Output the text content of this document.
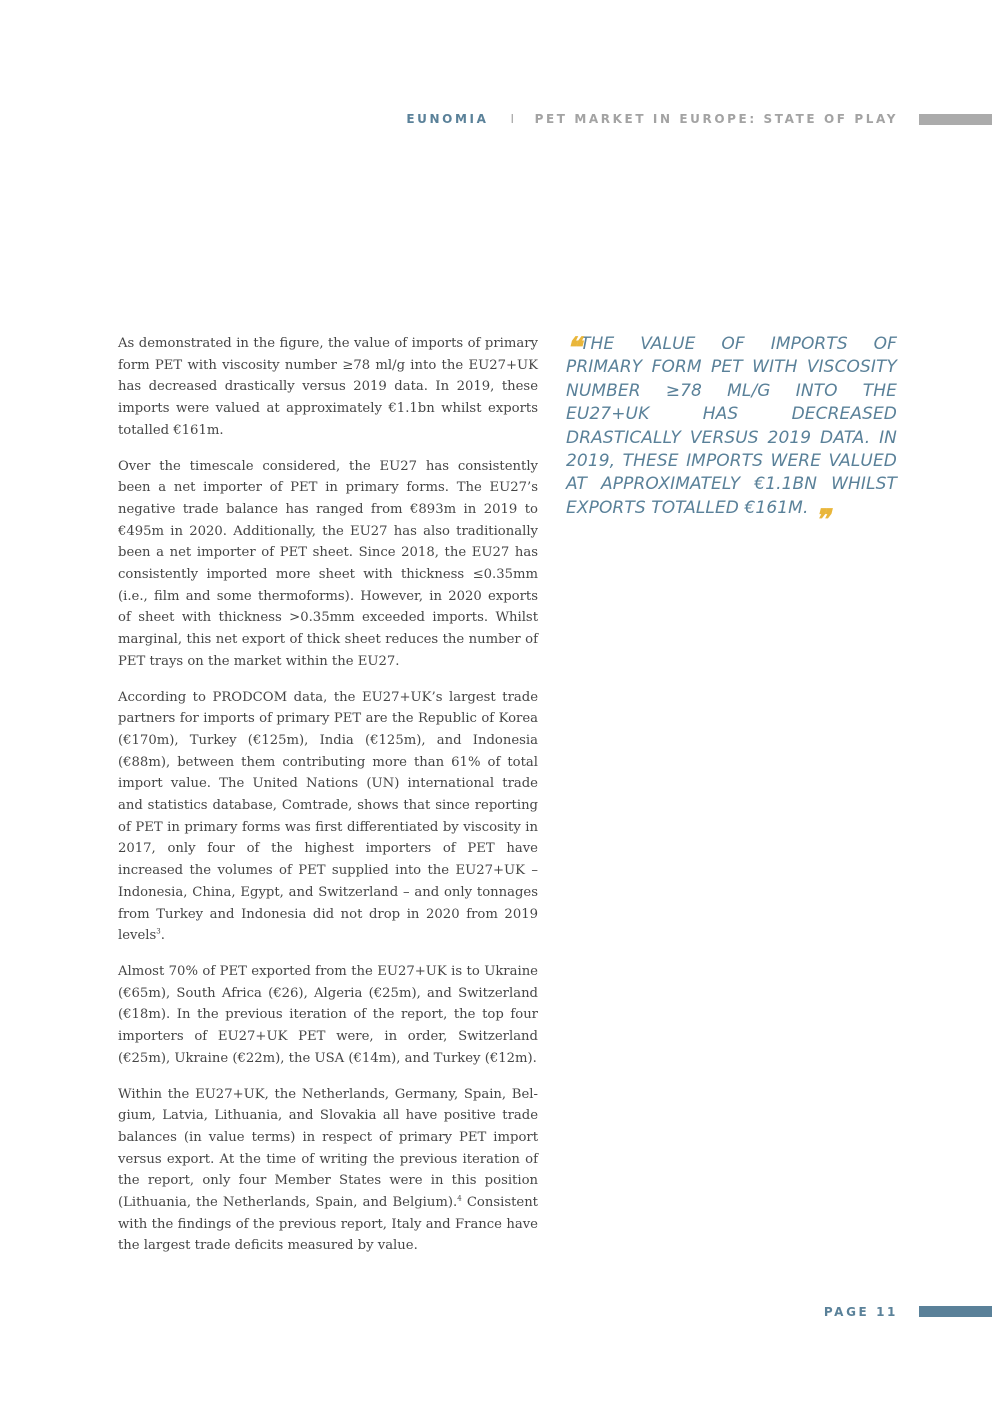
EUNOMIA I PET MARKET IN EUROPE: STATE OF PLAY

As demonstrated in the figure, the value of imports of primary form PET with viscosity number ≥78 ml/g into the EU27+UK has decreased drastically versus 2019 data. In 2019, these imports were valued at approximately €1.1bn whilst exports totalled €161m.

Over the timescale considered, the EU27 has consistently been a net importer of PET in primary forms. The EU27’s negative trade balance has ranged from €893m in 2019 to €495m in 2020. Additionally, the EU27 has also traditionally been a net importer of PET sheet. Since 2018, the EU27 has consistently imported more sheet with thickness ≤0.35mm (i.e., film and some thermoforms). However, in 2020 exports of sheet with thickness >0.35mm exceeded imports. Whilst marginal, this net export of thick sheet reduces the number of PET trays on the market within the EU27.

According to PRODCOM data, the EU27+UK’s largest trade partners for imports of primary PET are the Republic of Korea (€170m), Turkey (€125m), India (€125m), and Indonesia (€88m), between them contributing more than 61% of total import value. The United Nations (UN) international trade and statistics database, Comtrade, shows that since reporting of PET in primary forms was first differentiated by viscosity in 2017, only four of the highest importers of PET have increased the volumes of PET supplied into the EU27+UK – Indonesia, China, Egypt, and Switzerland – and only tonnages from Turkey and Indonesia did not drop in 2020 from 2019 levels$^3$.

Almost 70% of PET exported from the EU27+UK is to Ukraine (€65m), South Africa (€26), Algeria (€25m), and Switzerland (€18m). In the previous iteration of the report, the top four importers of EU27+UK PET were, in order, Switzerland (€25m), Ukraine (€22m), the USA (€14m), and Turkey (€12m).

Within the EU27+UK, the Netherlands, Germany, Spain, Belgium, Latvia, Lithuania, and Slovakia all have positive trade balances (in value terms) in respect of primary PET import versus export. At the time of writing the previous iteration of the report, only four Member States were in this position (Lithuania, the Netherlands, Spain, and Belgium).$^4$ Consistent with the findings of the previous report, Italy and France have the largest trade deficits measured by value.

❝ THE VALUE OF IMPORTS OF PRIMARY FORM PET WITH VISCOSITY NUMBER ≥78 ML/G INTO THE EU27+UK HAS DECREASED DRASTICALLY VERSUS 2019 DATA. IN 2019, THESE IMPORTS WERE VALUED AT APPROXIMATELY €1.1BN WHILST EXPORTS TOTALLED €161M. ❞
PAGE 11
